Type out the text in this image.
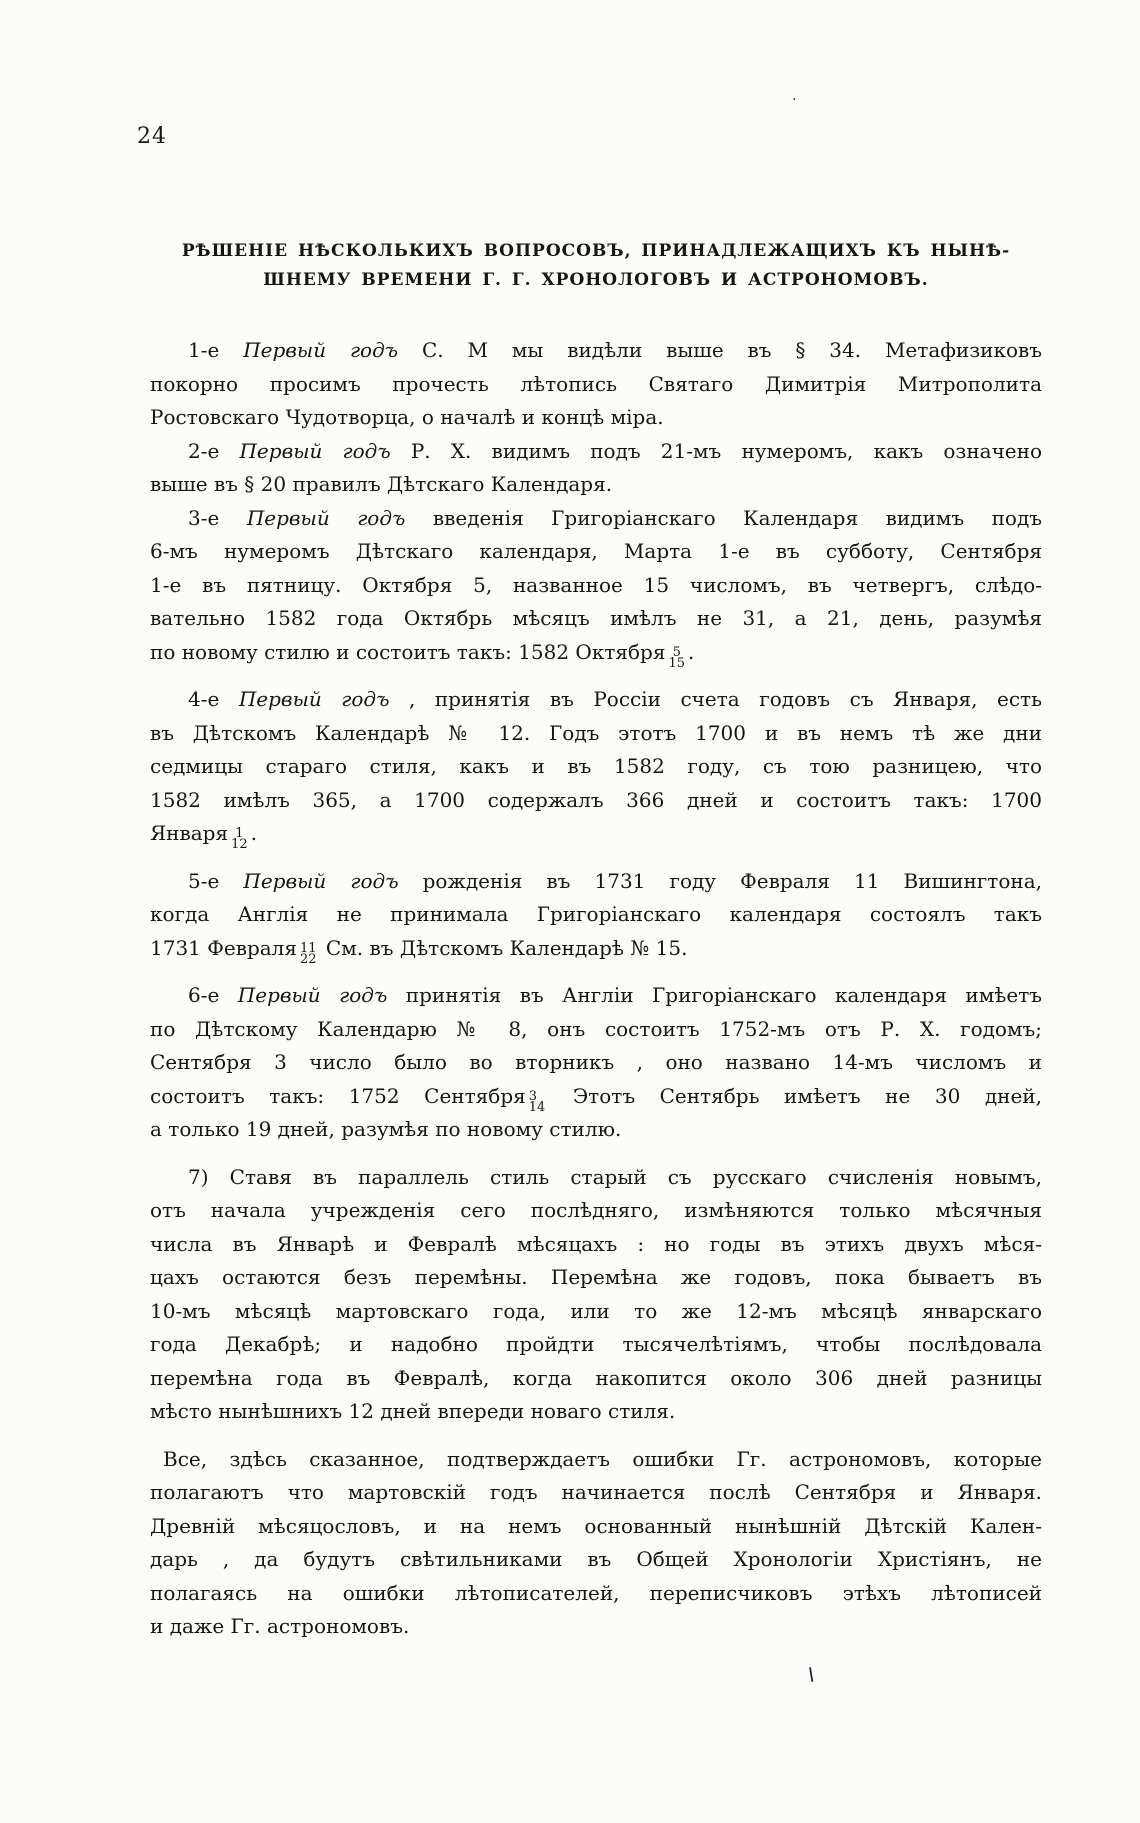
24
·
РѢШЕНІЕ НѢСКОЛЬКИХЪ ВОПРОСОВЪ, ПРИНАДЛЕЖАЩИХЪ КЪ НЫНѢ-
ШНЕМУ ВРЕМЕНИ Г. Г. ХРОНОЛОГОВЪ И АСТРОНОМОВЪ.
1-е Первый годъ С. М мы видѣли выше въ § 34. Метафизиковъ
покорно просимъ прочесть лѣтопись Святаго Димитрія Митрополита
Ростовскаго Чудотворца, о началѣ и концѣ міра.
2-е Первый годъ Р. Х. видимъ подъ 21-мъ нумеромъ, какъ означено
выше въ § 20 правилъ Дѣтскаго Календаря.
3-е Первый годъ введенія Григоріанскаго Календаря видимъ подъ
6-мъ нумеромъ Дѣтскаго календаря, Марта 1-е въ субботу, Сентября
1-е въ пятницу. Октября 5, названное 15 числомъ, въ четвергъ, слѣдо-
вательно 1582 года Октябрь мѣсяцъ имѣлъ не 31, а 21, день, разумѣя
по новому стилю и состоитъ такъ: 1582 Октября 5
15 .
4-е Первый годъ , принятія въ Россіи счета годовъ съ Января, есть
въ Дѣтскомъ Календарѣ № 12. Годъ этотъ 1700 и въ немъ тѣ же дни
седмицы стараго стиля, какъ и въ 1582 году, съ тою разницею, что
1582 имѣлъ 365, а 1700 содержалъ 366 дней и состоитъ такъ: 1700
Января 1
12 .
5-е Первый годъ рожденія въ 1731 году Февраля 11 Вишингтона,
когда Англія не принимала Григоріанскаго календаря состоялъ такъ
1731 Февраля 11
22 См. въ Дѣтскомъ Календарѣ № 15.
6-е Первый годъ принятія въ Англіи Григоріанскаго календаря имѣетъ
по Дѣтскому Календарю № 8, онъ состоитъ 1752-мъ отъ Р. Х. годомъ;
Сентября 3 число было во вторникъ , оно названо 14-мъ числомъ и
состоитъ такъ: 1752 Сентября 3
14 Этотъ Сентябрь имѣетъ не 30 дней,
а только 19 дней, разумѣя по новому стилю.
7) Ставя въ параллель стиль старый съ русскаго счисленія новымъ,
отъ начала учрежденія сего послѣдняго, измѣняются только мѣсячныя
числа въ Январѣ и Февралѣ мѣсяцахъ : но годы въ этихъ двухъ мѣся-
цахъ остаются безъ перемѣны. Перемѣна же годовъ, пока бываетъ въ
10-мъ мѣсяцѣ мартовскаго года, или то же 12-мъ мѣсяцѣ январскаго
года Декабрѣ; и надобно пройдти тысячелѣтіямъ, чтобы послѣдовала
перемѣна года въ Февралѣ, когда накопится около 306 дней разницы
мѣсто нынѣшнихъ 12 дней впереди новаго стиля.
Все, здѣсь сказанное, подтверждаетъ ошибки Гг. астрономовъ, которые
полагаютъ что мартовскій годъ начинается послѣ Сентября и Января.
Древній мѣсяцословъ, и на немъ основанный нынѣшній Дѣтскій Кален-
дарь , да будутъ свѣтильниками въ Общей Хронологіи Христіянъ, не
полагаясь на ошибки лѣтописателей, переписчиковъ этѣхъ лѣтописей
и даже Гг. астрономовъ.
\
